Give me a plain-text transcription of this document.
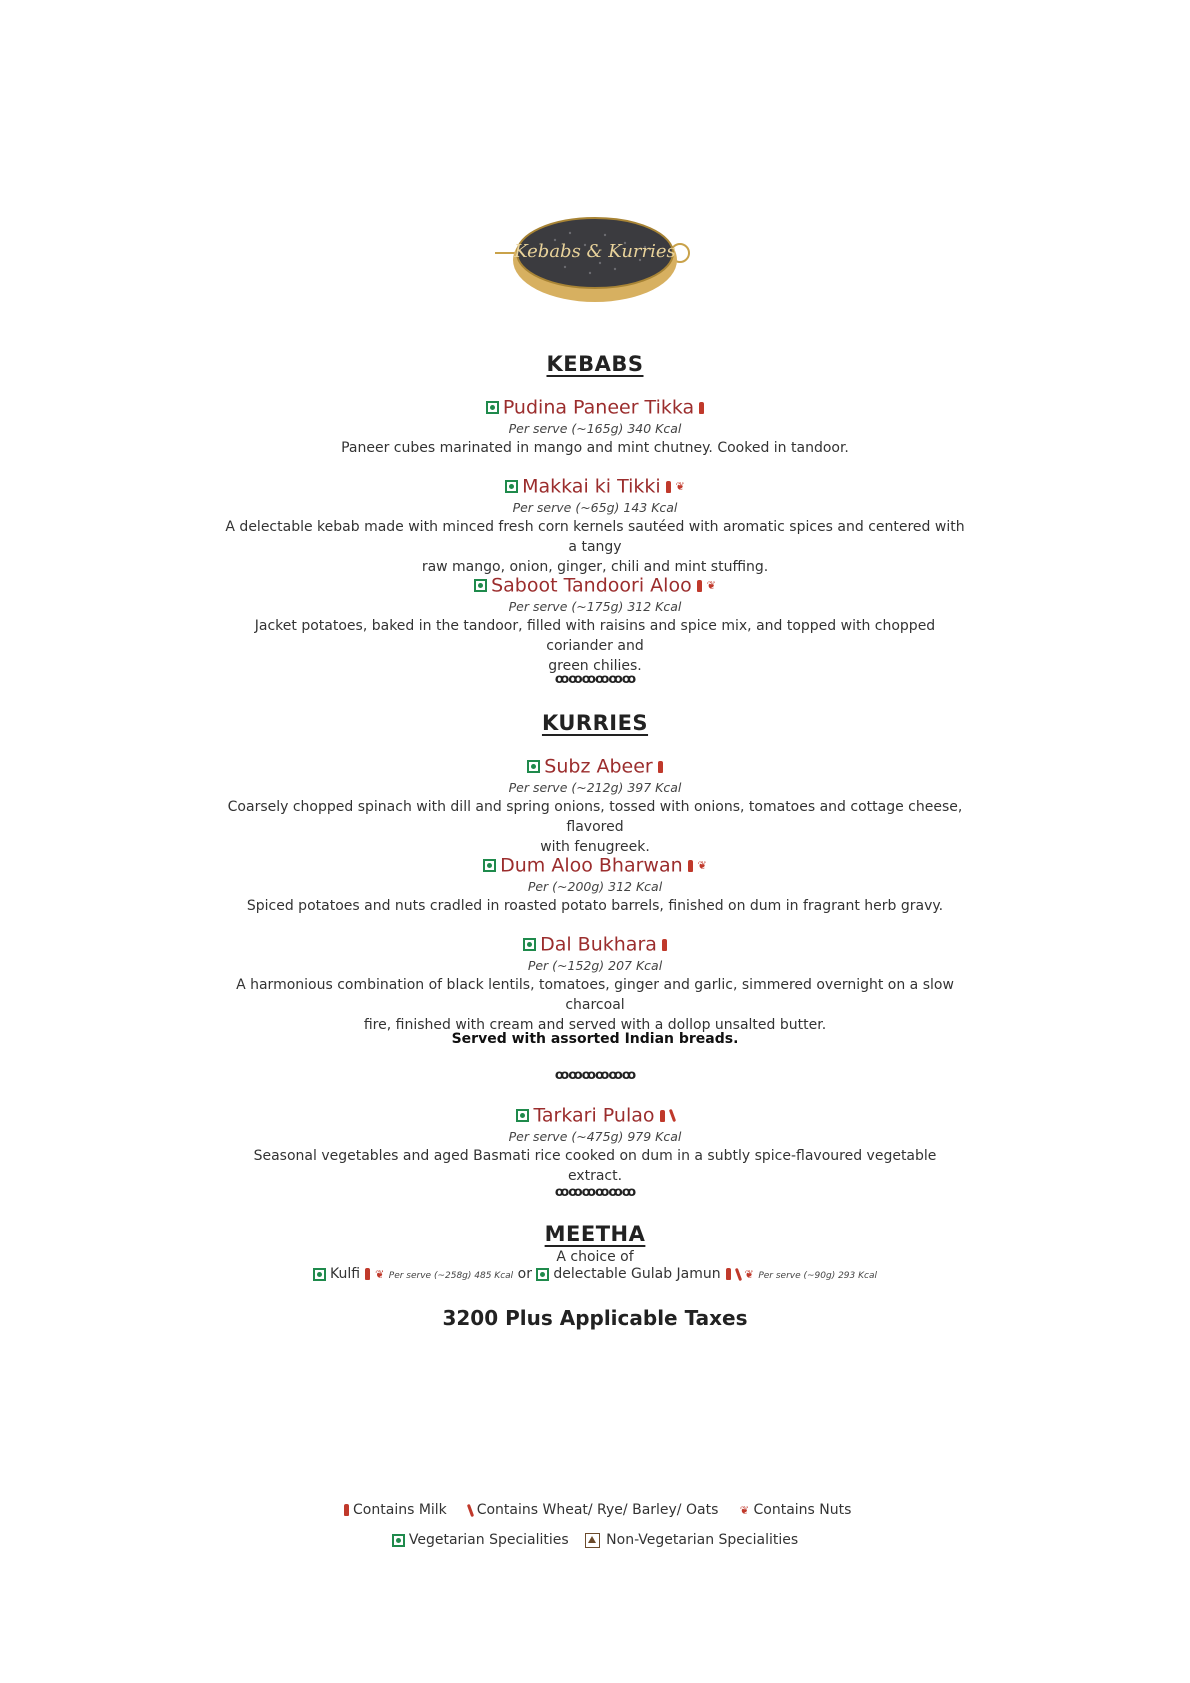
Kebabs & Kurries
KEBABS
Pudina Paneer Tikka
Per serve (~165g) 340 Kcal
Paneer cubes marinated in mango and mint chutney. Cooked in tandoor.
Makkai ki Tikki ❦
Per serve (~65g) 143 Kcal
A delectable kebab made with minced fresh corn kernels sautéed with aromatic spices and centered with a tangy
raw mango, onion, ginger, chili and mint stuffing.
Saboot Tandoori Aloo ❦
Per serve (~175g) 312 Kcal
Jacket potatoes, baked in the tandoor, filled with raisins and spice mix, and topped with chopped coriander and
green chilies.
ꝏꝏꝏꝏꝏꝏ
KURRIES
Subz Abeer
Per serve (~212g) 397 Kcal
Coarsely chopped spinach with dill and spring onions, tossed with onions, tomatoes and cottage cheese, flavored
with fenugreek.
Dum Aloo Bharwan ❦
Per (~200g) 312 Kcal
Spiced potatoes and nuts cradled in roasted potato barrels, finished on dum in fragrant herb gravy.
Dal Bukhara
Per (~152g) 207 Kcal
A harmonious combination of black lentils, tomatoes, ginger and garlic, simmered overnight on a slow charcoal
fire, finished with cream and served with a dollop unsalted butter.
Served with assorted Indian breads.
ꝏꝏꝏꝏꝏꝏ
Tarkari Pulao
Per serve (~475g) 979 Kcal
Seasonal vegetables and aged Basmati rice cooked on dum in a subtly spice-flavoured vegetable extract.
ꝏꝏꝏꝏꝏꝏ
MEETHA
A choice of
Kulfi ❦ Per serve (~258g) 485 Kcal or delectable Gulab Jamun ❦ Per serve (~90g) 293 Kcal
3200 Plus Applicable Taxes
Contains Milk Contains Wheat/ Rye/ Barley/ Oats ❦ Contains Nuts
Vegetarian Specialities	Non-Vegetarian Specialities
